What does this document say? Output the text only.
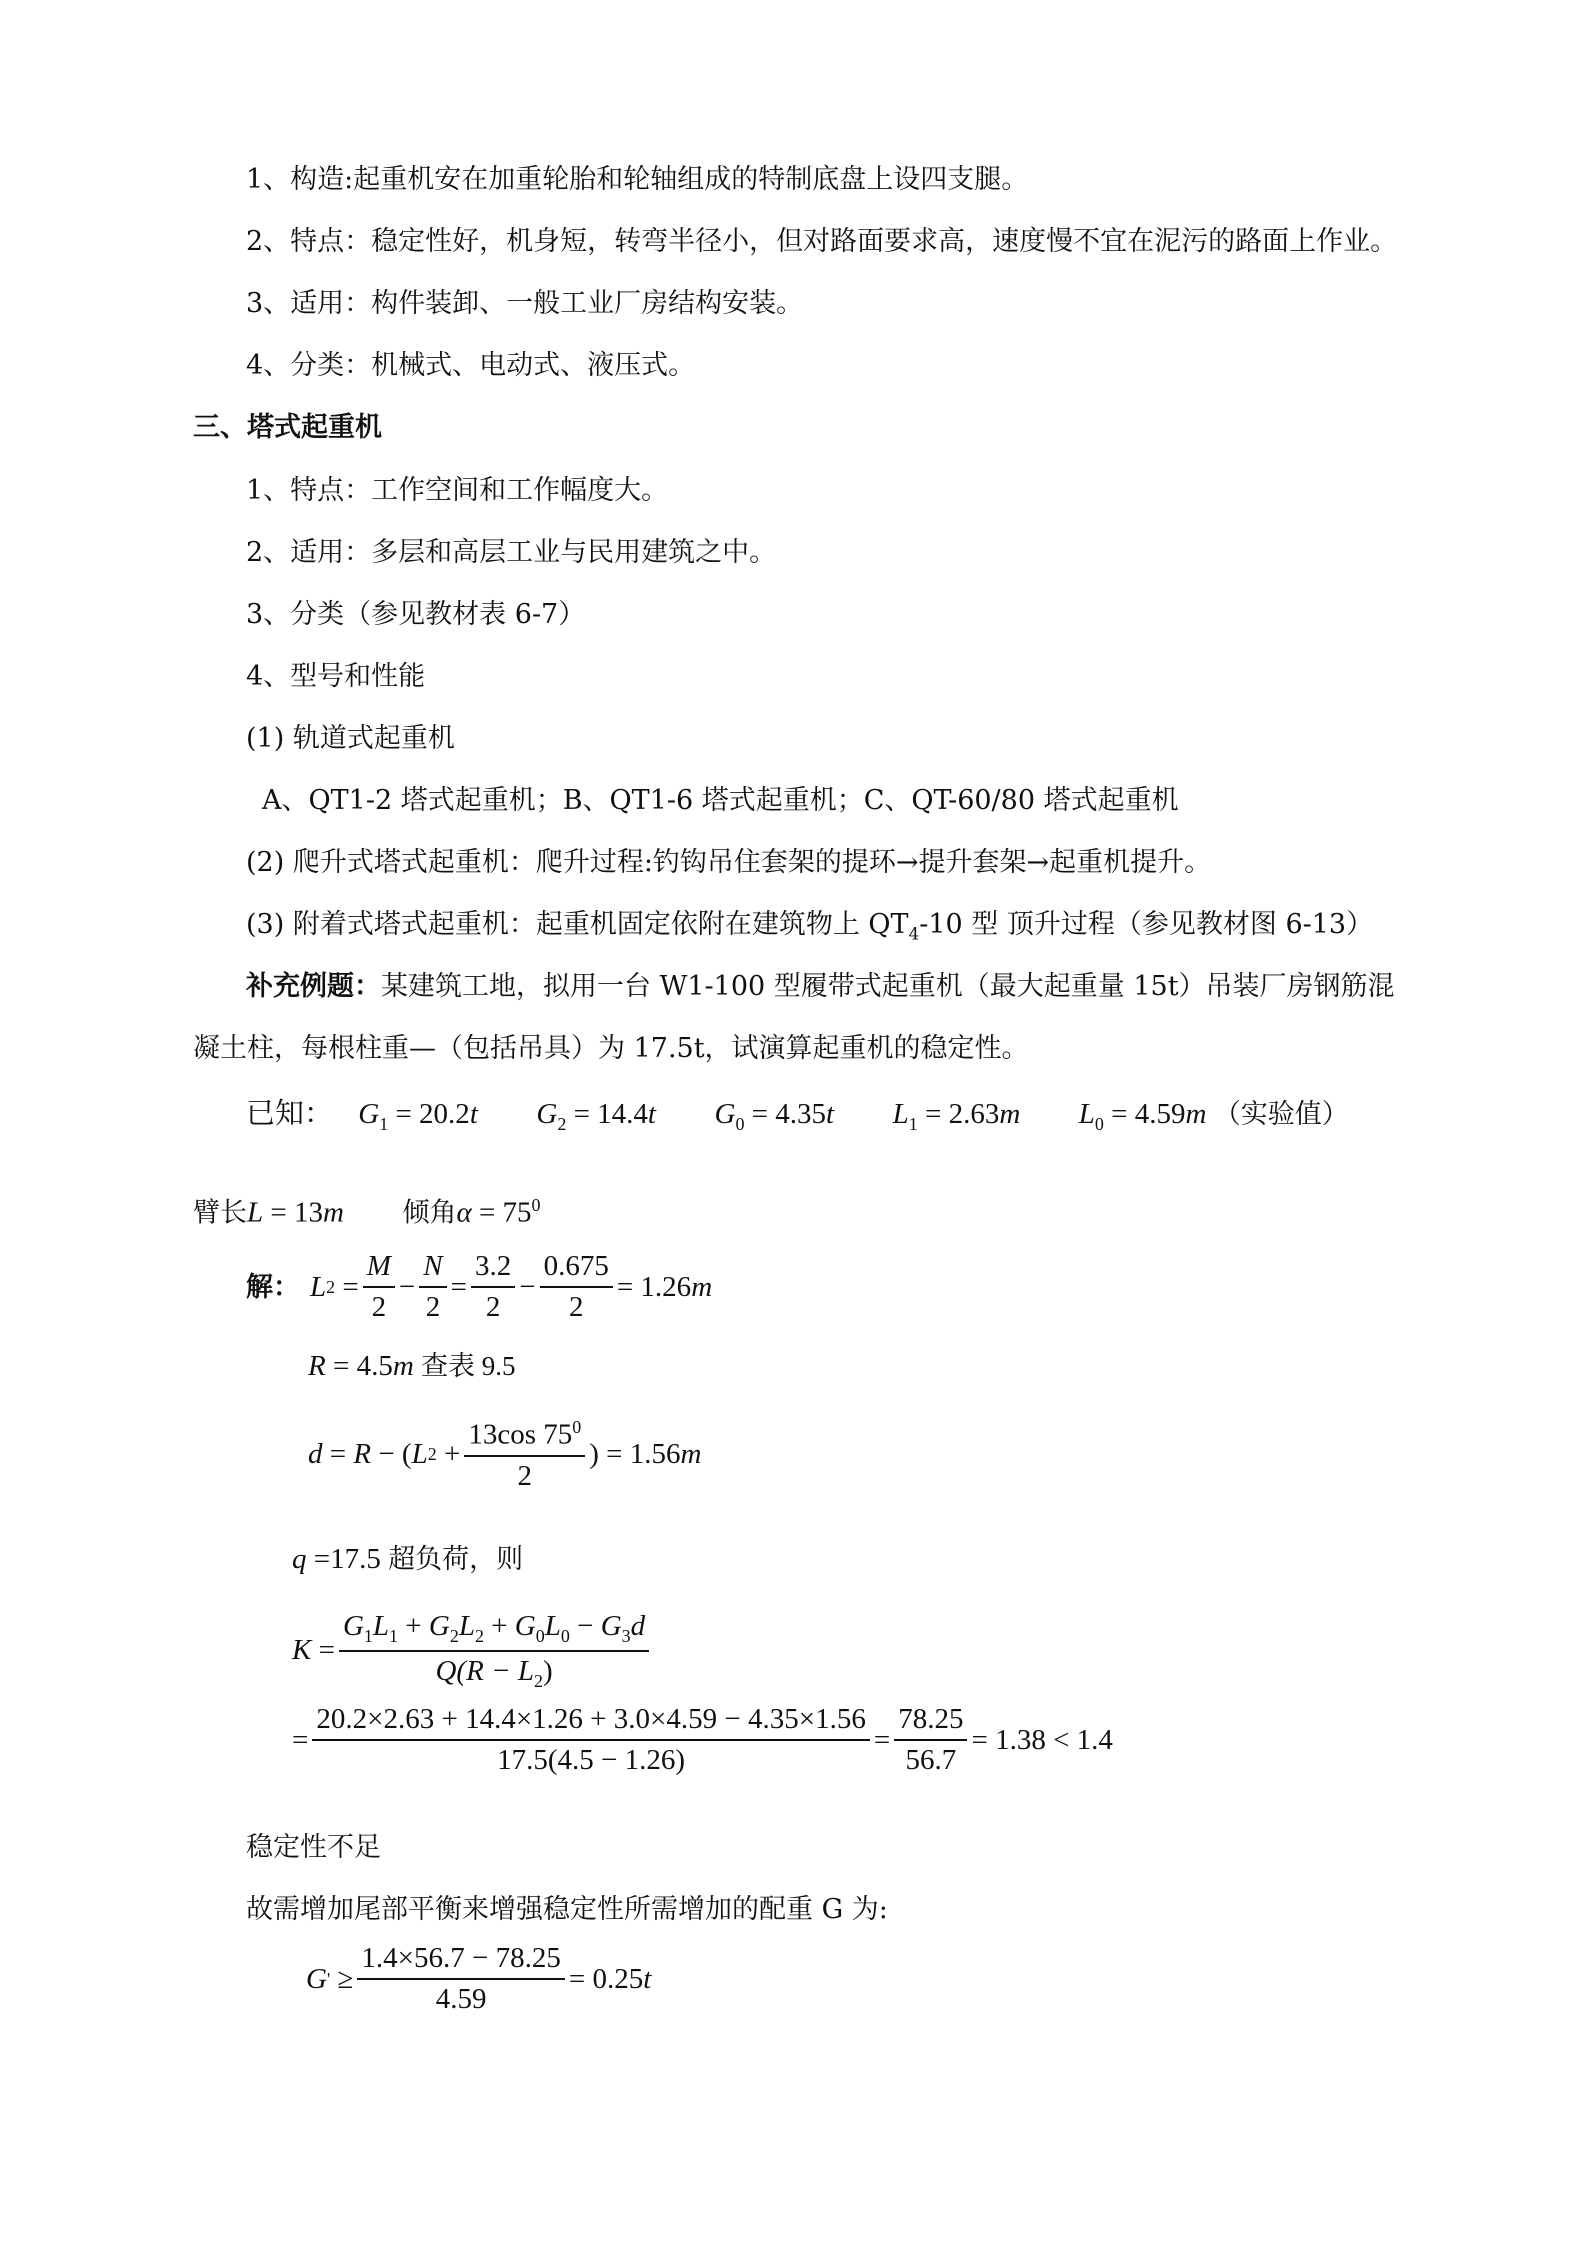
1、构造:起重机安在加重轮胎和轮轴组成的特制底盘上设四支腿。
2、特点：稳定性好，机身短，转弯半径小，但对路面要求高，速度慢不宜在泥污的路面上作业。
3、适用：构件装卸、一般工业厂房结构安装。
4、分类：机械式、电动式、液压式。
三、塔式起重机
1、特点：工作空间和工作幅度大。
2、适用：多层和高层工业与民用建筑之中。
3、分类（参见教材表 6-7）
4、型号和性能
(1) 轨道式起重机
A、QT1-2 塔式起重机；B、QT1-6 塔式起重机；C、QT-60/80 塔式起重机
(2) 爬升式塔式起重机：爬升过程:钓钩吊住套架的提环→提升套架→起重机提升。
(3) 附着式塔式起重机：起重机固定依附在建筑物上 $QT_4-10$ 型 顶升过程（参见教材图 6-13）
补充例题：某建筑工地，拟用一台 W1-100 型履带式起重机（最大起重量 15t）吊装厂房钢筋混
凝土柱，每根柱重—（包括吊具）为 17.5t，试演算起重机的稳定性。
已知： $G_1 = 20.2t$ $G_2 = 14.4t$ $G_0 = 4.35t$ $L_1 = 2.63m$ $L_0 = 4.59m$ （实验值）
臂长L = 13m 倾角$\alpha = 75^0$
解： L $2 = \frac{M}{2} - \frac{N}{2} = \frac{3.2}{2} - \frac{0.675}{2} = 1.26$ m
R = 4.5m 查表 9.5
d = R − ( L $2 + \frac{13\cos 75^0}{2}$ ) = 1.56 m
q =17.5 超负荷，则
$K = \frac{G_1L_1 + G_2L_2 + G_0L_0 - G_3d}{Q(R - L_2)}$
= $\frac{20.2\times 2.63 + 14.4\times 1.26 + 3.0\times 4.59 - 4.35\times 1.56}{17.5(4.5 - 1.26)} = \frac{78.25}{56.7} = 1.38 < 1.4$
稳定性不足
故需增加尾部平衡来增强稳定性所需增加的配重 G 为:
G ' ≥ $\frac{1.4\times 56.7 - 78.25}{4.59} = 0.25$ t
